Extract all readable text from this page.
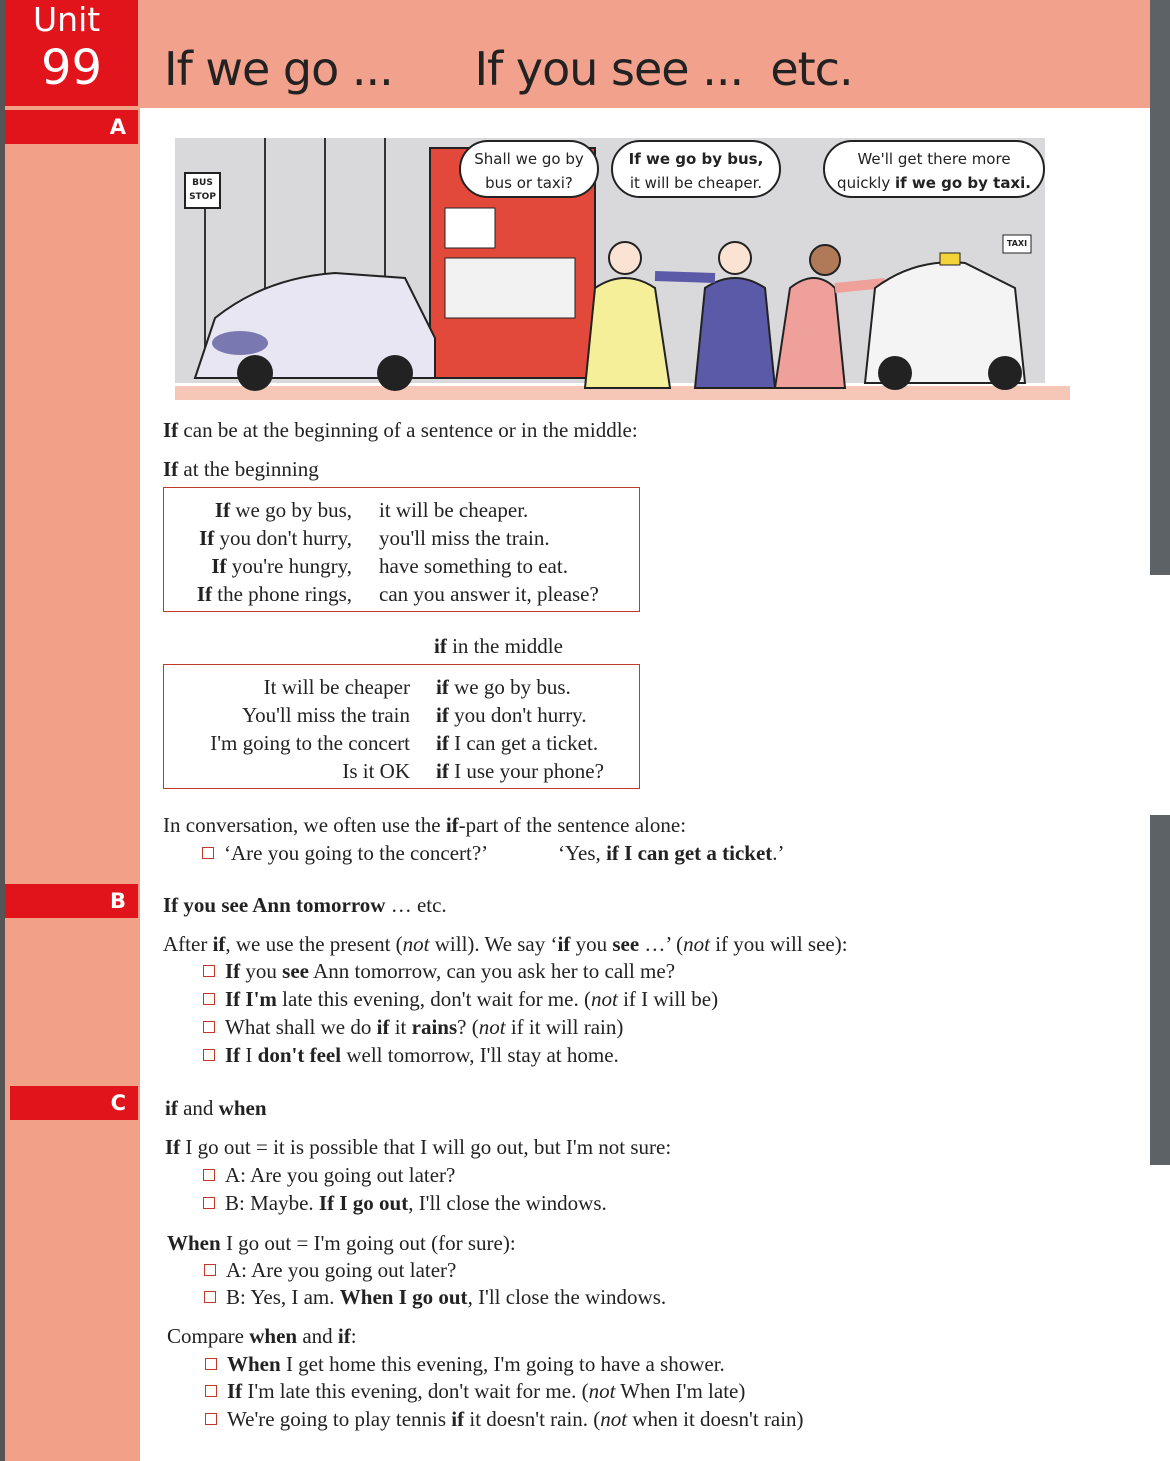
Unit
99 If we go ...      If you see ...  etc.
A
B
C
BUS STOP
TAXI
Shall we go by
bus or taxi?
If we go by bus,
it will be cheaper.
We'll get there more
quickly if we go by taxi.
If can be at the beginning of a sentence or in the middle:
If at the beginning
If we go by bus, it will be cheaper.
If you don't hurry, you'll miss the train.
If you're hungry, have something to eat.
If the phone rings, can you answer it, please?
if in the middle
It will be cheaper if we go by bus.
You'll miss the train if you don't hurry.
I'm going to the concert if I can get a ticket.
Is it OK if I use your phone?
In conversation, we often use the if-part of the sentence alone:
‘Are you going to the concert?’	‘Yes, if I can get a ticket.’
If you see Ann tomorrow … etc.
After if, we use the present (not will). We say ‘if you see …’ (not if you will see):
If you see Ann tomorrow, can you ask her to call me?
If I'm late this evening, don't wait for me. (not if I will be)
What shall we do if it rains? (not if it will rain)
If I don't feel well tomorrow, I'll stay at home.
if and when
If I go out = it is possible that I will go out, but I'm not sure:
When I go out = I'm going out (for sure):
Compare when and if:
A: Are you going out later?
B: Maybe. If I go out, I'll close the windows.
A: Are you going out later?
B: Yes, I am. When I go out, I'll close the windows.
When I get home this evening, I'm going to have a shower.
If I'm late this evening, don't wait for me. (not When I'm late)
We're going to play tennis if it doesn't rain. (not when it doesn't rain)
